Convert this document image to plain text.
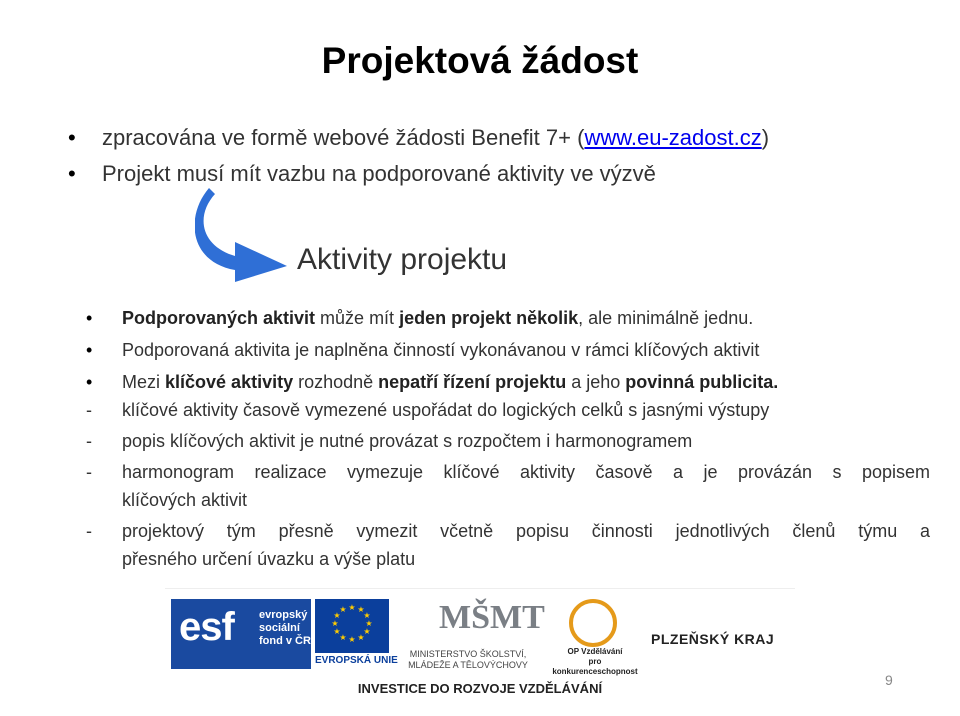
Projektová žádost
• zpracována ve formě webové žádosti Benefit 7+ (www.eu-zadost.cz)
• Projekt musí mít vazbu na podporované aktivity ve výzvě
Aktivity projektu
• Podporovaných aktivit může mít jeden projekt několik, ale minimálně jednu.
• Podporovaná aktivita je naplněna činností vykonávanou v rámci klíčových aktivit
• Mezi klíčové aktivity rozhodně nepatří řízení projektu a jeho povinná publicita.
- klíčové aktivity časově vymezené uspořádat do logických celků s jasnými výstupy
- popis klíčových aktivit je nutné provázat s rozpočtem i harmonogramem
- harmonogram realizace vymezuje klíčové aktivity časově a je provázán s popisem
klíčových aktivit
- projektový tým přesně vymezit včetně popisu činnosti jednotlivých členů týmu a
přesného určení úvazku a výše platu
esf evropský
sociální
fond v ČR
★ ★
★
★
★
★
★
★
★
★
★
★
EVROPSKÁ UNIE
MŠMT
MINISTERSTVO ŠKOLSTVÍ,
MLÁDEŽE A TĚLOVÝCHOVY
OP Vzdělávání
pro konkurenceschopnost
PLZEŇSKÝ KRAJ
INVESTICE DO ROZVOJE VZDĚLÁVÁNÍ
9
